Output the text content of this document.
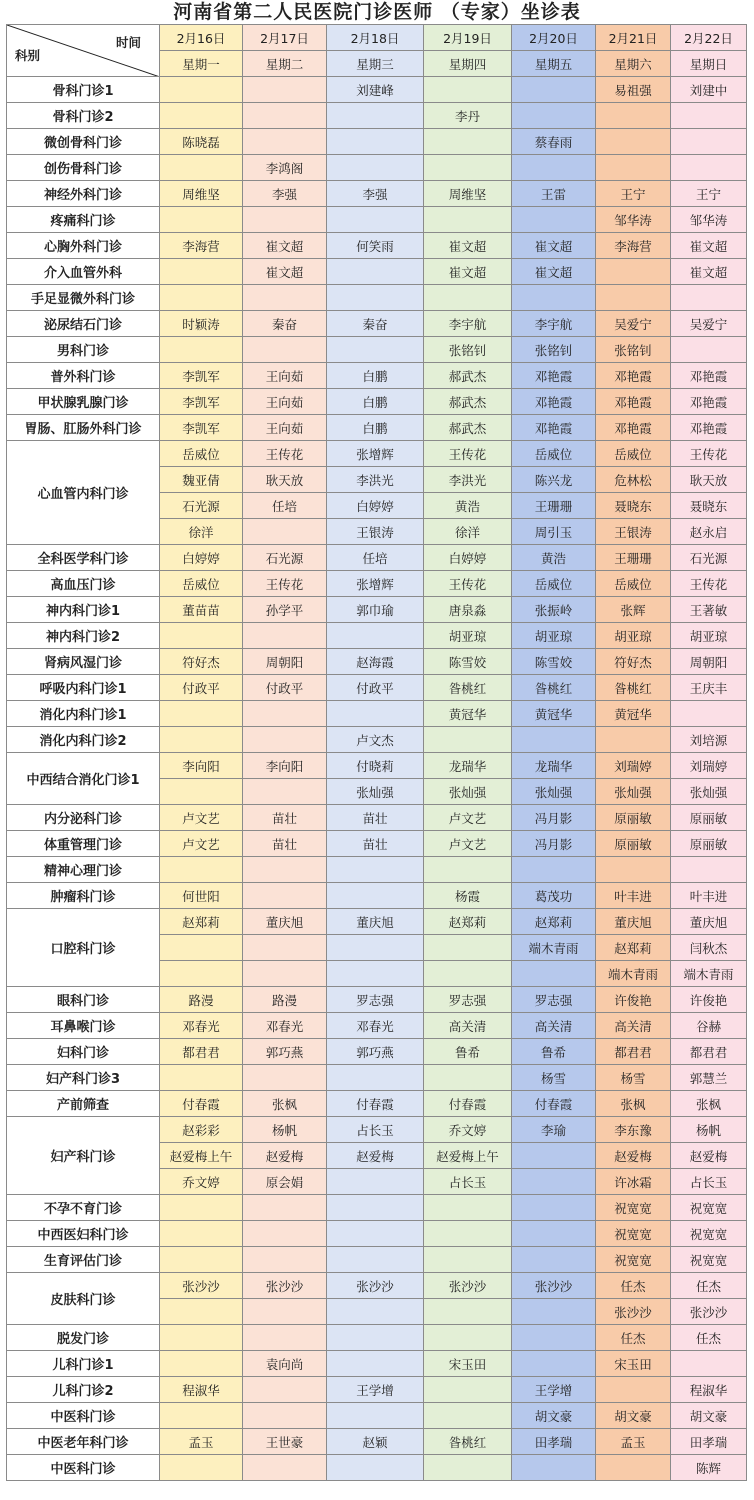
河南省第二人民医院门诊医师 （专家）坐诊表
时间
科别	2月16日	2月17日	2月18日	2月19日	2月20日	2月21日	2月22日
	星期一	星期二	星期三	星期四	星期五	星期六	星期日
骨科门诊1			刘建峰			易祖强	刘建中
骨科门诊2				李丹			
微创骨科门诊	陈晓磊				蔡春雨		
创伤骨科门诊		李鸿阁					
神经外科门诊	周维坚	李强	李强	周维坚	王雷	王宁	王宁
疼痛科门诊						邹华涛	邹华涛
心胸外科门诊	李海营	崔文超	何笑雨	崔文超	崔文超	李海营	崔文超
介入血管外科		崔文超		崔文超	崔文超		崔文超
手足显微外科门诊							
泌尿结石门诊	时颖涛	秦奋	秦奋	李宇航	李宇航	吴爱宁	吴爱宁
男科门诊				张铭钊	张铭钊	张铭钊	
普外科门诊	李凯军	王向茹	白鹏	郝武杰	邓艳霞	邓艳霞	邓艳霞
甲状腺乳腺门诊	李凯军	王向茹	白鹏	郝武杰	邓艳霞	邓艳霞	邓艳霞
胃肠、肛肠外科门诊	李凯军	王向茹	白鹏	郝武杰	邓艳霞	邓艳霞	邓艳霞
心血管内科门诊	岳威位	王传花	张增辉	王传花	岳威位	岳威位	王传花
	魏亚倩	耿天放	李洪光	李洪光	陈兴龙	危林松	耿天放
	石光源	任培	白婷婷	黄浩	王珊珊	聂晓东	聂晓东
	徐洋		王银涛	徐洋	周引玉	王银涛	赵永启
全科医学科门诊	白婷婷	石光源	任培	白婷婷	黄浩	王珊珊	石光源
高血压门诊	岳威位	王传花	张增辉	王传花	岳威位	岳威位	王传花
神内科门诊1	董苗苗	孙学平	郭巾瑜	唐泉淼	张振岭	张辉	王著敏
神内科门诊2				胡亚琼	胡亚琼	胡亚琼	胡亚琼
肾病风湿门诊	符好杰	周朝阳	赵海霞	陈雪姣	陈雪姣	符好杰	周朝阳
呼吸内科门诊1	付政平	付政平	付政平	昝桃红	昝桃红	昝桃红	王庆丰
消化内科门诊1				黄冠华	黄冠华	黄冠华	
消化内科门诊2			卢文杰				刘培源
中西结合消化门诊1	李向阳	李向阳	付晓莉	龙瑞华	龙瑞华	刘瑞婷	刘瑞婷
			张灿强	张灿强	张灿强	张灿强	张灿强
内分泌科门诊	卢文艺	苗壮	苗壮	卢文艺	冯月影	原丽敏	原丽敏
体重管理门诊	卢文艺	苗壮	苗壮	卢文艺	冯月影	原丽敏	原丽敏
精神心理门诊							
肿瘤科门诊	何世阳			杨霞	葛茂功	叶丰进	叶丰进
口腔科门诊	赵郑莉	董庆旭	董庆旭	赵郑莉	赵郑莉	董庆旭	董庆旭
					端木青雨	赵郑莉	闫秋杰
						端木青雨	端木青雨
眼科门诊	路漫	路漫	罗志强	罗志强	罗志强	许俊艳	许俊艳
耳鼻喉门诊	邓春光	邓春光	邓春光	高关清	高关清	高关清	谷赫
妇科门诊	都君君	郭巧燕	郭巧燕	鲁希	鲁希	都君君	都君君
妇产科门诊3					杨雪	杨雪	郭慧兰
产前筛查	付春霞	张枫	付春霞	付春霞	付春霞	张枫	张枫
妇产科门诊	赵彩彩	杨帆	占长玉	乔文婷	李瑜	李东豫	杨帆
	赵爱梅上午	赵爱梅	赵爱梅	赵爱梅上午		赵爱梅	赵爱梅
	乔文婷	原会娟		占长玉		许冰霜	占长玉
不孕不育门诊						祝宽宽	祝宽宽
中西医妇科门诊						祝宽宽	祝宽宽
生育评估门诊						祝宽宽	祝宽宽
皮肤科门诊	张沙沙	张沙沙	张沙沙	张沙沙	张沙沙	任杰	任杰
						张沙沙	张沙沙
脱发门诊						任杰	任杰
儿科门诊1		袁向尚		宋玉田		宋玉田	
儿科门诊2	程淑华		王学增		王学增		程淑华
中医科门诊					胡文豪	胡文豪	胡文豪
中医老年科门诊	孟玉	王世豪	赵颖	昝桃红	田孝瑞	孟玉	田孝瑞
中医科门诊							陈辉
